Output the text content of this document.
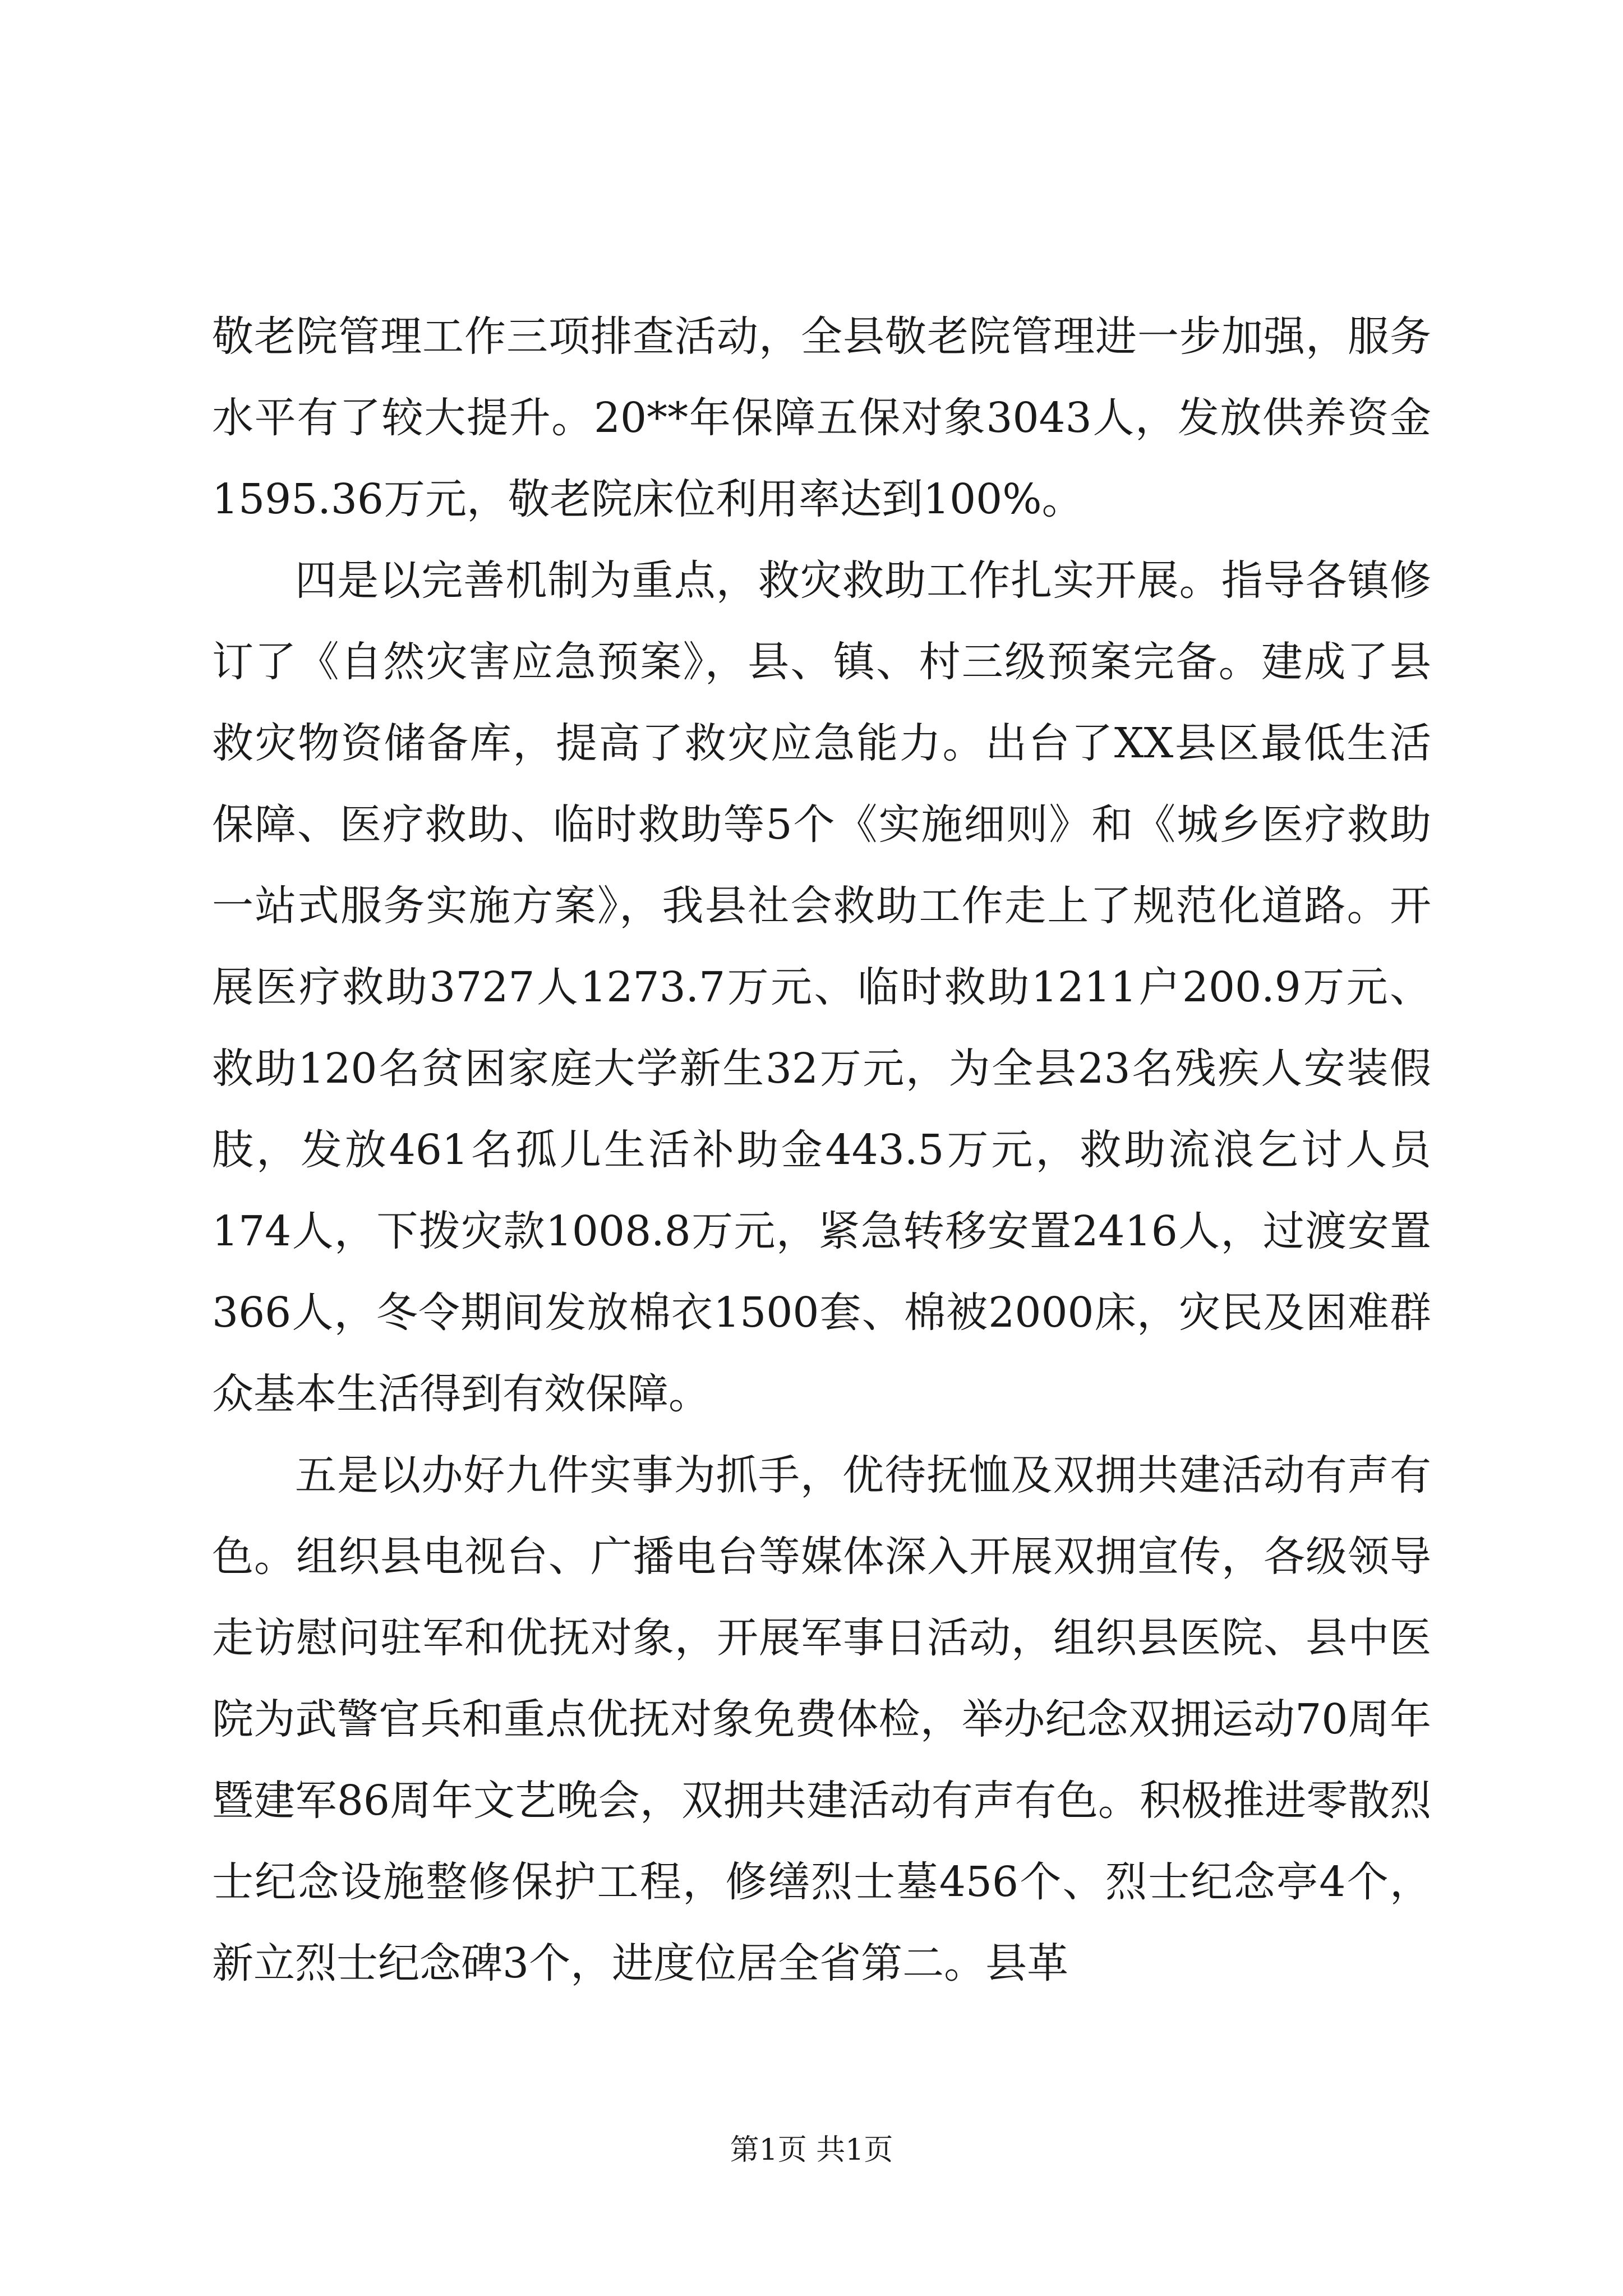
敬老院管理工作三项排查活动，全县敬老院管理进一步加强，服务水平有了较大提升。20**年保障五保对象3043人，发放供养资金1595.36万元，敬老院床位利用率达到100%。

四是以完善机制为重点，救灾救助工作扎实开展。指导各镇修订了《自然灾害应急预案》，县、镇、村三级预案完备。建成了县救灾物资储备库，提高了救灾应急能力。出台了XX县区最低生活保障、医疗救助、临时救助等5个《实施细则》和《城乡医疗救助一站式服务实施方案》，我县社会救助工作走上了规范化道路。开展医疗救助3727人1273.7万元、临时救助1211户200.9万元、救助120名贫困家庭大学新生32万元，为全县23名残疾人安装假肢，发放461名孤儿生活补助金443.5万元，救助流浪乞讨人员174人，下拨灾款1008.8万元，紧急转移安置2416人，过渡安置366人，冬令期间发放棉衣1500套、棉被2000床，灾民及困难群众基本生活得到有效保障。

五是以办好九件实事为抓手，优待抚恤及双拥共建活动有声有色。组织县电视台、广播电台等媒体深入开展双拥宣传，各级领导走访慰问驻军和优抚对象，开展军事日活动，组织县医院、县中医院为武警官兵和重点优抚对象免费体检，举办纪念双拥运动70周年暨建军86周年文艺晚会，双拥共建活动有声有色。积极推进零散烈士纪念设施整修保护工程，修缮烈士墓456个、烈士纪念亭4个，新立烈士纪念碑3个，进度位居全省第二。县革

第1页 共1页
